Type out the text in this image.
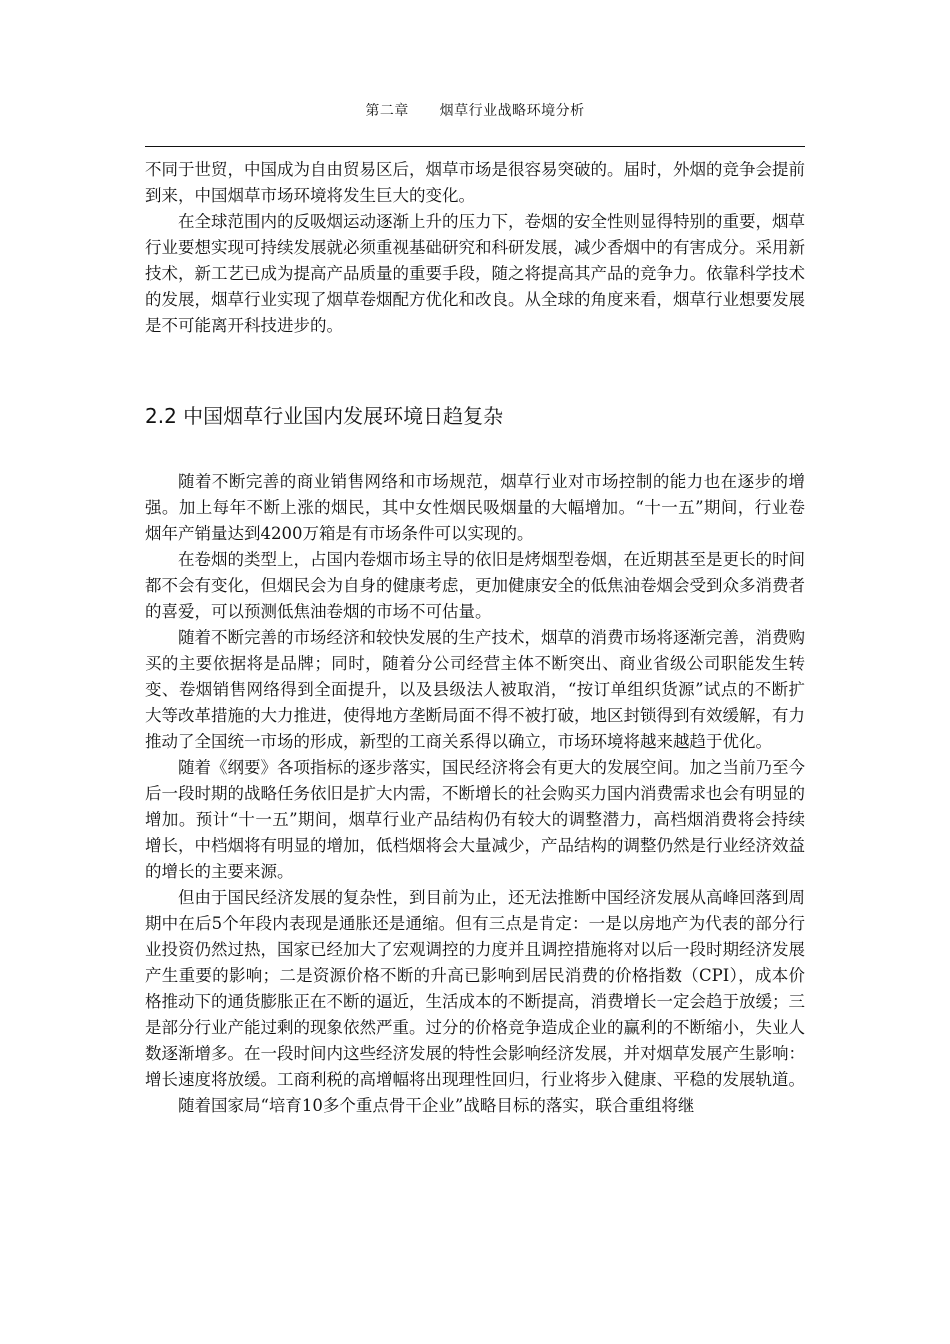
第二章 烟草行业战略环境分析

不同于世贸，中国成为自由贸易区后，烟草市场是很容易突破的。届时，外烟的竞争会提前到来，中国烟草市场环境将发生巨大的变化。

在全球范围内的反吸烟运动逐渐上升的压力下，卷烟的安全性则显得特别的重要，烟草行业要想实现可持续发展就必须重视基础研究和科研发展，减少香烟中的有害成分。采用新技术，新工艺已成为提高产品质量的重要手段，随之将提高其产品的竞争力。依靠科学技术的发展，烟草行业实现了烟草卷烟配方优化和改良。从全球的角度来看，烟草行业想要发展是不可能离开科技进步的。

2.2 中国烟草行业国内发展环境日趋复杂

随着不断完善的商业销售网络和市场规范，烟草行业对市场控制的能力也在逐步的增强。加上每年不断上涨的烟民，其中女性烟民吸烟量的大幅增加。“十一五”期间，行业卷烟年产销量达到4200万箱是有市场条件可以实现的。

在卷烟的类型上，占国内卷烟市场主导的依旧是烤烟型卷烟，在近期甚至是更长的时间都不会有变化，但烟民会为自身的健康考虑，更加健康安全的低焦油卷烟会受到众多消费者的喜爱，可以预测低焦油卷烟的市场不可估量。

随着不断完善的市场经济和较快发展的生产技术，烟草的消费市场将逐渐完善，消费购买的主要依据将是品牌；同时，随着分公司经营主体不断突出、商业省级公司职能发生转变、卷烟销售网络得到全面提升，以及县级法人被取消，“按订单组织货源”试点的不断扩大等改革措施的大力推进，使得地方垄断局面不得不被打破，地区封锁得到有效缓解，有力推动了全国统一市场的形成，新型的工商关系得以确立，市场环境将越来越趋于优化。

随着《纲要》各项指标的逐步落实，国民经济将会有更大的发展空间。加之当前乃至今后一段时期的战略任务依旧是扩大内需，不断增长的社会购买力国内消费需求也会有明显的增加。预计“十一五”期间，烟草行业产品结构仍有较大的调整潜力，高档烟消费将会持续增长，中档烟将有明显的增加，低档烟将会大量减少，产品结构的调整仍然是行业经济效益的增长的主要来源。

但由于国民经济发展的复杂性，到目前为止，还无法推断中国经济发展从高峰回落到周期中在后5个年段内表现是通胀还是通缩。但有三点是肯定：一是以房地产为代表的部分行业投资仍然过热，国家已经加大了宏观调控的力度并且调控措施将对以后一段时期经济发展产生重要的影响；二是资源价格不断的升高已影响到居民消费的价格指数（CPI），成本价格推动下的通货膨胀正在不断的逼近，生活成本的不断提高，消费增长一定会趋于放缓；三是部分行业产能过剩的现象依然严重。过分的价格竞争造成企业的赢利的不断缩小，失业人数逐渐增多。在一段时间内这些经济发展的特性会影响经济发展，并对烟草发展产生影响：增长速度将放缓。工商利税的高增幅将出现理性回归，行业将步入健康、平稳的发展轨道。

随着国家局“培育10多个重点骨干企业”战略目标的落实，联合重组将继
